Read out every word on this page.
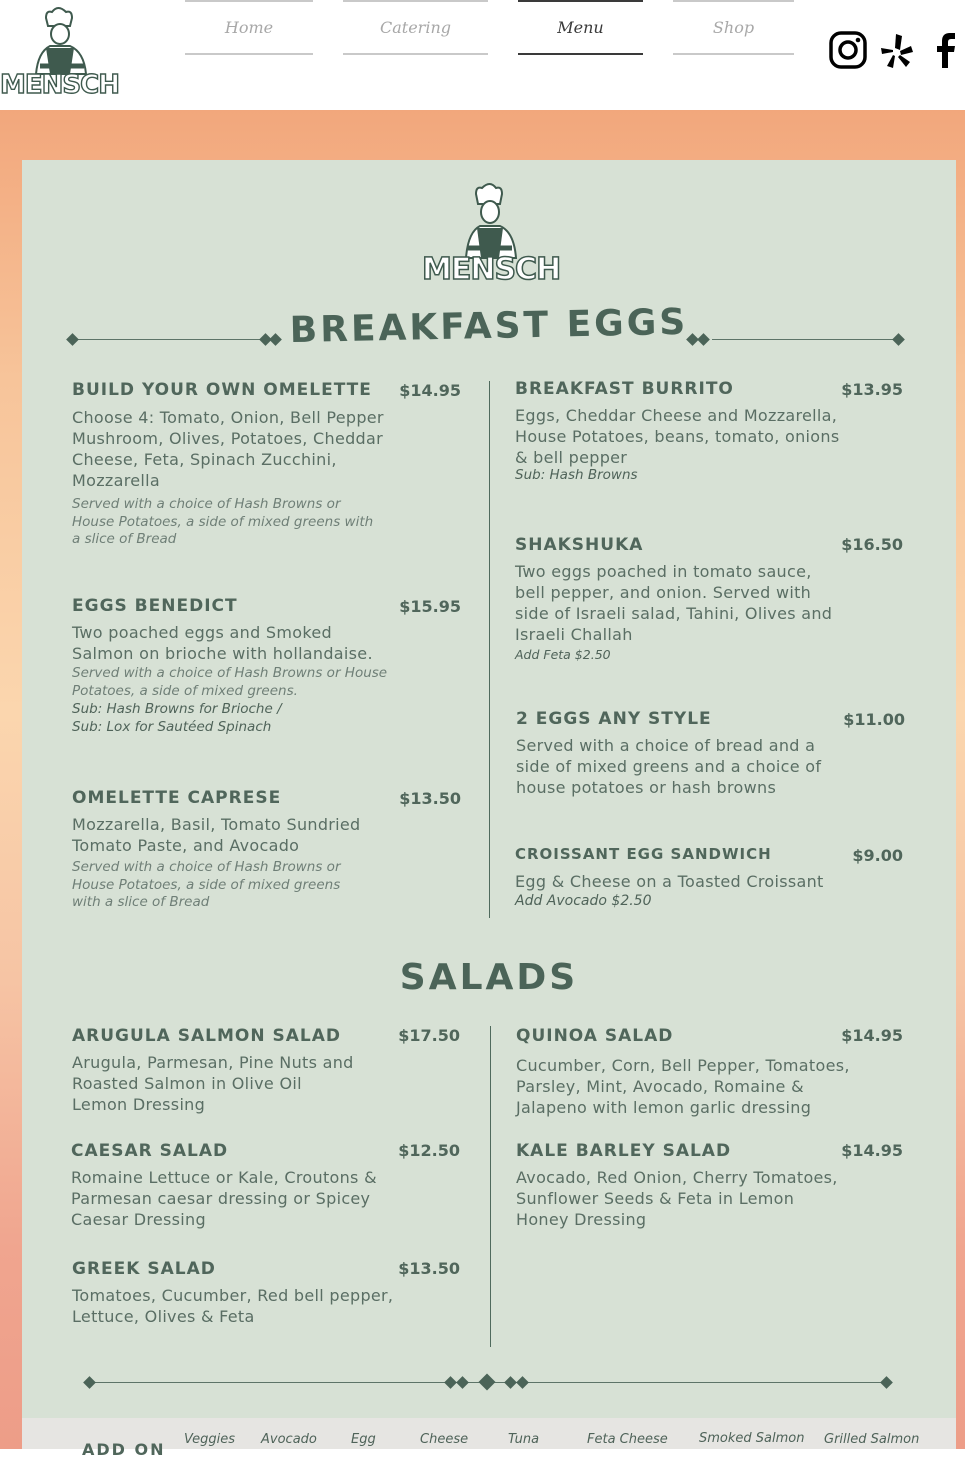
MENSCH
Home	Catering	Menu	Shop
MENSCH
BREAKFAST EGGS
BUILD YOUR OWN OMELETTE	$14.95
Choose 4: Tomato, Onion, Bell Pepper
Mushroom, Olives, Potatoes, Cheddar
Cheese, Feta, Spinach Zucchini,
Mozzarella
Served with a choice of Hash Browns or
House Potatoes, a side of mixed greens with
a slice of Bread
EGGS BENEDICT	$15.95
Two poached eggs and Smoked
Salmon on brioche with hollandaise.
Served with a choice of Hash Browns or House
Potatoes, a side of mixed greens.
Sub: Hash Browns for Brioche /
Sub: Lox for Sautéed Spinach
OMELETTE CAPRESE	$13.50
Mozzarella, Basil, Tomato Sundried
Tomato Paste, and Avocado
Served with a choice of Hash Browns or
House Potatoes, a side of mixed greens
with a slice of Bread
BREAKFAST BURRITO	$13.95
Eggs, Cheddar Cheese and Mozzarella,
House Potatoes, beans, tomato, onions
& bell pepper
Sub: Hash Browns
SHAKSHUKA	$16.50
Two eggs poached in tomato sauce,
bell pepper, and onion. Served with
side of Israeli salad, Tahini, Olives and
Israeli Challah
Add Feta $2.50
2 EGGS ANY STYLE	$11.00
Served with a choice of bread and a
side of mixed greens and a choice of
house potatoes or hash browns
CROISSANT EGG SANDWICH	$9.00
Egg & Cheese on a Toasted Croissant
Add Avocado $2.50
SALADS
ARUGULA SALMON SALAD	$17.50
Arugula, Parmesan, Pine Nuts and
Roasted Salmon in Olive Oil
Lemon Dressing
CAESAR SALAD	$12.50
Romaine Lettuce or Kale, Croutons &
Parmesan caesar dressing or Spicey
Caesar Dressing
GREEK SALAD	$13.50
Tomatoes, Cucumber, Red bell pepper,
Lettuce, Olives & Feta
QUINOA SALAD	$14.95
Cucumber, Corn, Bell Pepper, Tomatoes,
Parsley, Mint, Avocado, Romaine &
Jalapeno with lemon garlic dressing
KALE BARLEY SALAD	$14.95
Avocado, Red Onion, Cherry Tomatoes,
Sunflower Seeds & Feta in Lemon
Honey Dressing
ADD ON
Veggies Avocado	Egg	Cheese	Tuna	Feta Cheese Smoked Salmon Grilled Salmon
